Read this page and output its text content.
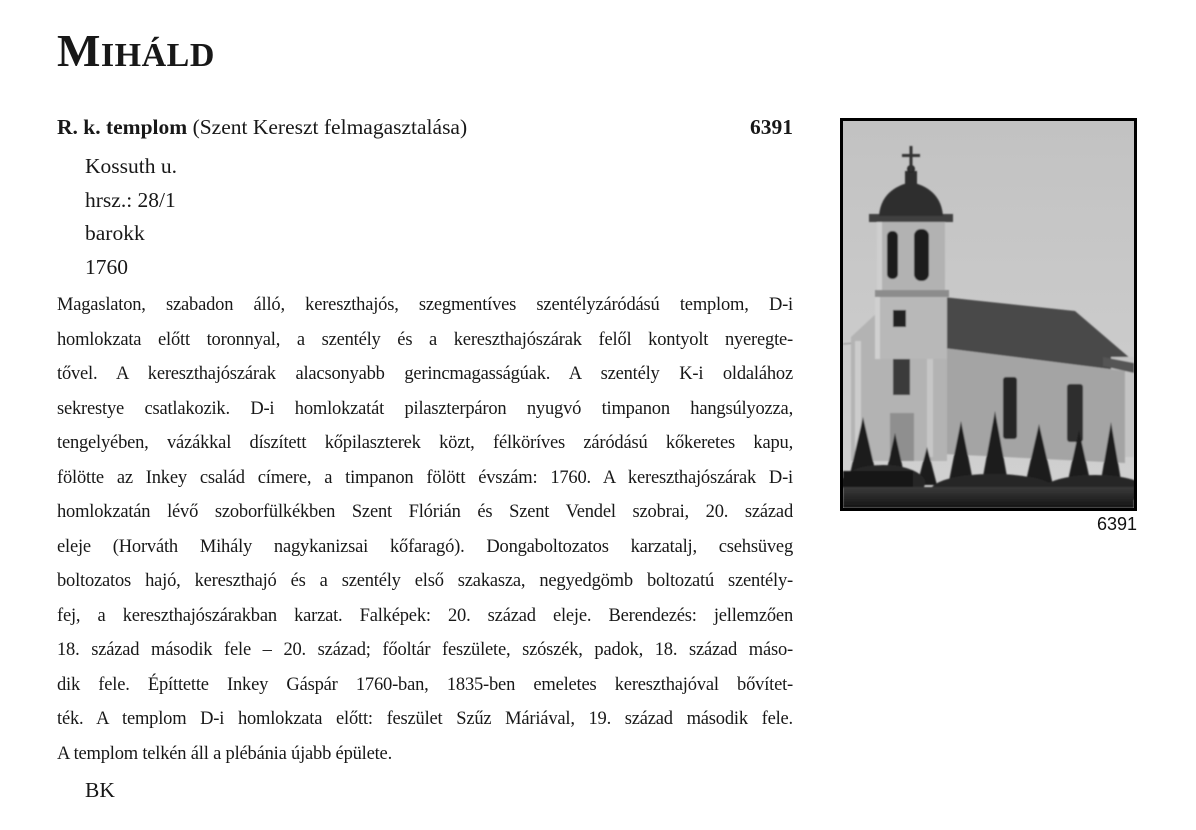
MIHÁLD
R. k. templom (Szent Kereszt felmagasztalása)	6391
Kossuth u.
hrsz.: 28/1
barokk
1760
Magaslaton, szabadon álló, kereszthajós, szegmentíves szentélyzáródású templom, D-i
homlokzata előtt toronnyal, a szentély és a kereszthajószárak felől kontyolt nyeregte-
tővel. A kereszthajószárak alacsonyabb gerincmagasságúak. A szentély K-i oldalához
sekrestye csatlakozik. D-i homlokzatát pilaszterpáron nyugvó timpanon hangsúlyozza,
tengelyében, vázákkal díszített kőpilaszterek közt, félköríves záródású kőkeretes kapu,
fölötte az Inkey család címere, a timpanon fölött évszám: 1760. A kereszthajószárak D-i
homlokzatán lévő szoborfülkékben Szent Flórián és Szent Vendel szobrai, 20. század
eleje (Horváth Mihály nagykanizsai kőfaragó). Dongaboltozatos karzatalj, csehsüveg
boltozatos hajó, kereszthajó és a szentély első szakasza, negyedgömb boltozatú szentély-
fej, a kereszthajószárakban karzat. Falképek: 20. század eleje. Berendezés: jellemzően
18. század második fele – 20. század; főoltár feszülete, szószék, padok, 18. század máso-
dik fele. Építtette Inkey Gáspár 1760-ban, 1835-ben emeletes kereszthajóval bővítet-
ték. A templom D-i homlokzata előtt: feszület Szűz Máriával, 19. század második fele.
A templom telkén áll a plébánia újabb épülete.
BK
6391
